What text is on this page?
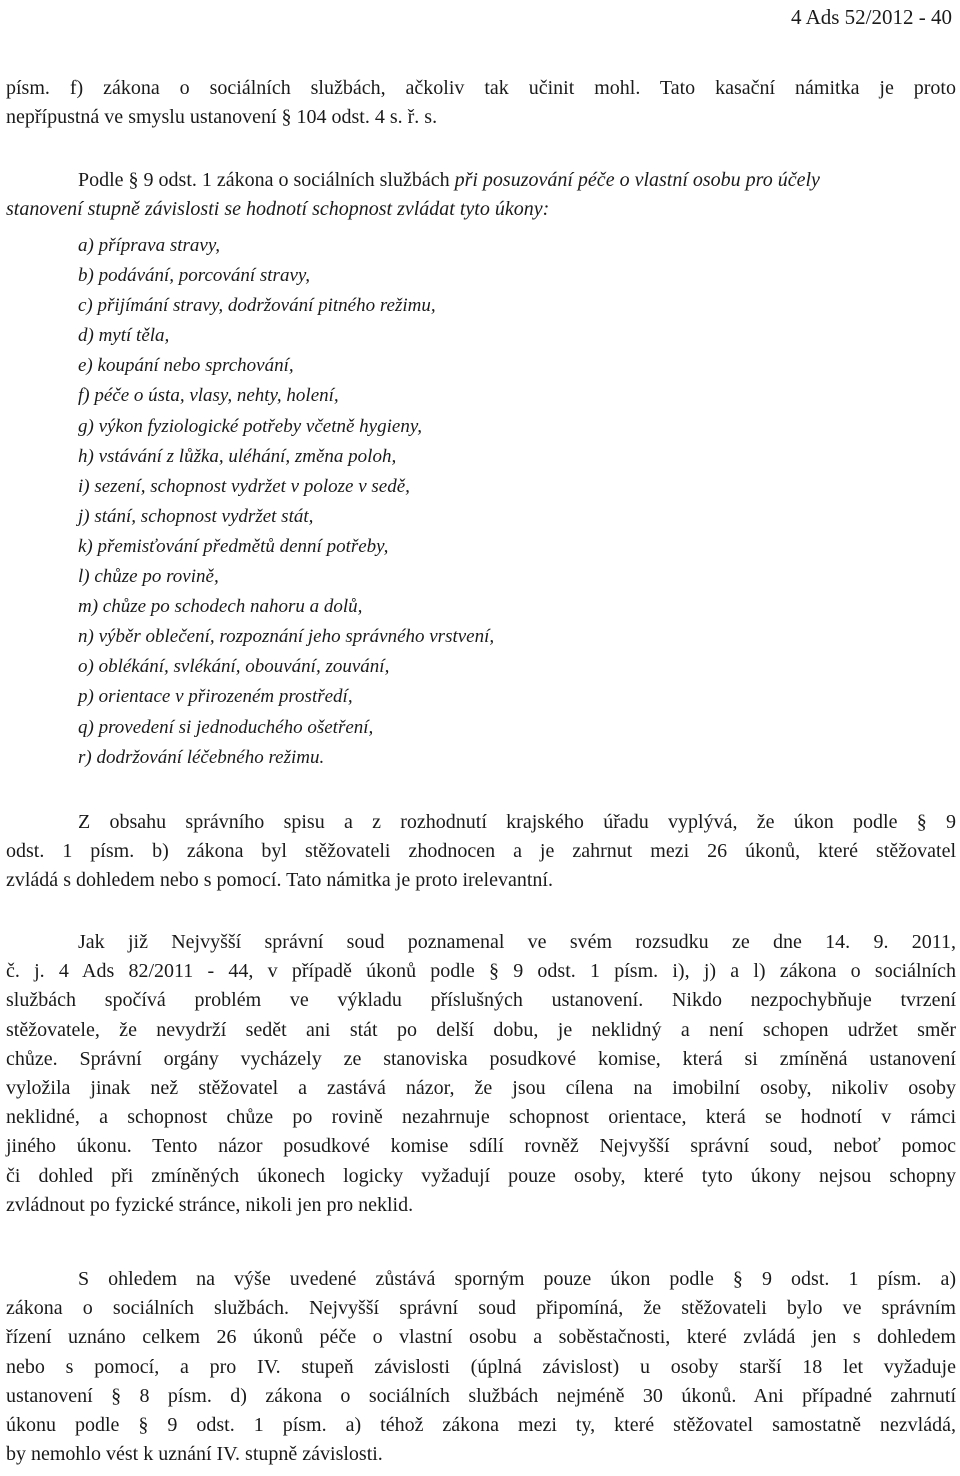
4 Ads 52/2012 - 40
písm. f) zákona o sociálních službách, ačkoliv tak učinit mohl. Tato kasační námitka je proto
nepřípustná ve smyslu ustanovení § 104 odst. 4 s. ř. s.
Podle § 9 odst. 1 zákona o sociálních službách při posuzování péče o vlastní osobu pro účely
stanovení stupně závislosti se hodnotí schopnost zvládat tyto úkony:
a) příprava stravy,
b) podávání, porcování stravy,
c) přijímání stravy, dodržování pitného režimu,
d) mytí těla,
e) koupání nebo sprchování,
f) péče o ústa, vlasy, nehty, holení,
g) výkon fyziologické potřeby včetně hygieny,
h) vstávání z lůžka, uléhání, změna poloh,
i) sezení, schopnost vydržet v poloze v sedě,
j) stání, schopnost vydržet stát,
k) přemisťování předmětů denní potřeby,
l) chůze po rovině,
m) chůze po schodech nahoru a dolů,
n) výběr oblečení, rozpoznání jeho správného vrstvení,
o) oblékání, svlékání, obouvání, zouvání,
p) orientace v přirozeném prostředí,
q) provedení si jednoduchého ošetření,
r) dodržování léčebného režimu.
Z obsahu správního spisu a z rozhodnutí krajského úřadu vyplývá, že úkon podle § 9
odst. 1 písm. b) zákona byl stěžovateli zhodnocen a je zahrnut mezi 26 úkonů, které stěžovatel
zvládá s dohledem nebo s pomocí. Tato námitka je proto irelevantní.
Jak již Nejvyšší správní soud poznamenal ve svém rozsudku ze dne 14. 9. 2011,
č. j. 4 Ads 82/2011 - 44, v případě úkonů podle § 9 odst. 1 písm. i), j) a l) zákona o sociálních
službách spočívá problém ve výkladu příslušných ustanovení. Nikdo nezpochybňuje tvrzení
stěžovatele, že nevydrží sedět ani stát po delší dobu, je neklidný a není schopen udržet směr
chůze. Správní orgány vycházely ze stanoviska posudkové komise, která si zmíněná ustanovení
vyložila jinak než stěžovatel a zastává názor, že jsou cílena na imobilní osoby, nikoliv osoby
neklidné, a schopnost chůze po rovině nezahrnuje schopnost orientace, která se hodnotí v rámci
jiného úkonu. Tento názor posudkové komise sdílí rovněž Nejvyšší správní soud, neboť pomoc
či dohled při zmíněných úkonech logicky vyžadují pouze osoby, které tyto úkony nejsou schopny
zvládnout po fyzické stránce, nikoli jen pro neklid.
S ohledem na výše uvedené zůstává sporným pouze úkon podle § 9 odst. 1 písm. a)
zákona o sociálních službách. Nejvyšší správní soud připomíná, že stěžovateli bylo ve správním
řízení uznáno celkem 26 úkonů péče o vlastní osobu a soběstačnosti, které zvládá jen s dohledem
nebo s pomocí, a pro IV. stupeň závislosti (úplná závislost) u osoby starší 18 let vyžaduje
ustanovení § 8 písm. d) zákona o sociálních službách nejméně 30 úkonů. Ani případné zahrnutí
úkonu podle § 9 odst. 1 písm. a) téhož zákona mezi ty, které stěžovatel samostatně nezvládá,
by nemohlo vést k uznání IV. stupně závislosti.
